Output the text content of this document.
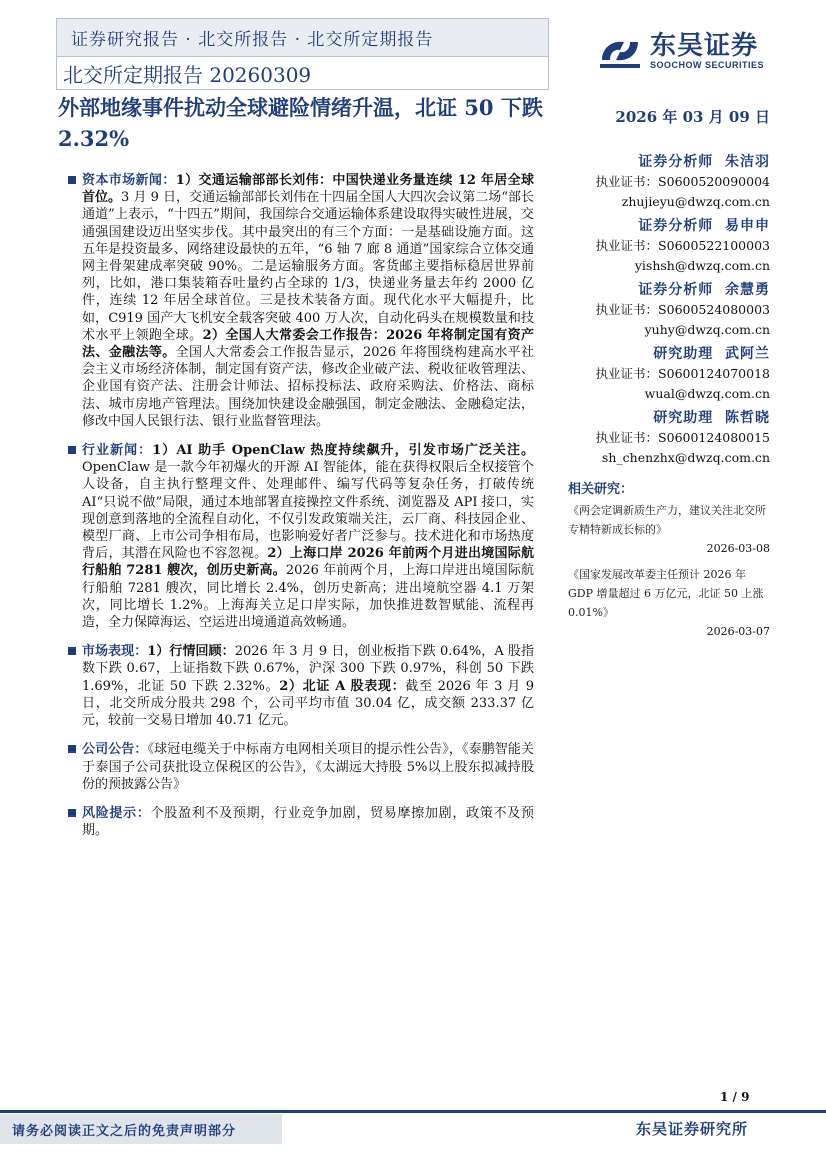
证券研究报告 · 北交所报告 · 北交所定期报告
北交所定期报告 20260309
东吴证券
SOOCHOW SECURITIES
外部地缘事件扰动全球避险情绪升温，北证 50 下跌 2.32%
2026 年 03 月 09 日
资本市场新闻：1）交通运输部部长刘伟：中国快递业务量连续 12 年居全球首位。3 月 9 日，交通运输部部长刘伟在十四届全国人大四次会议第二场“部长通道”上表示，“十四五”期间，我国综合交通运输体系建设取得实破性进展，交通强国建设迈出坚实步伐。其中最突出的有三个方面：一是基础设施方面。这五年是投资最多、网络建设最快的五年，“6 轴 7 廊 8 通道”国家综合立体交通网主骨架建成率突破 90%。二是运输服务方面。客货邮主要指标稳居世界前列，比如，港口集装箱吞吐量约占全球的 1/3，快递业务量去年约 2000 亿件，连续 12 年居全球首位。三是技术装备方面。现代化水平大幅提升，比如，C919 国产大飞机安全载客突破 400 万人次，自动化码头在规模数量和技术水平上领跑全球。2）全国人大常委会工作报告：2026 年将制定国有资产法、金融法等。全国人大常委会工作报告显示，2026 年将围绕构建高水平社会主义市场经济体制，制定国有资产法，修改企业破产法、税收征收管理法、企业国有资产法、注册会计师法、招标投标法、政府采购法、价格法、商标法、城市房地产管理法。围绕加快建设金融强国，制定金融法、金融稳定法，修改中国人民银行法、银行业监督管理法。
行业新闻：1）AI 助手 OpenClaw 热度持续飙升，引发市场广泛关注。OpenClaw 是一款今年初爆火的开源 AI 智能体，能在获得权限后全权接管个人设备，自主执行整理文件、处理邮件、编写代码等复杂任务，打破传统 AI“只说不做”局限，通过本地部署直接操控文件系统、浏览器及 API 接口，实现创意到落地的全流程自动化，不仅引发政策端关注，云厂商、科技园企业、模型厂商、上市公司争相布局，也影响爱好者广泛参与。技术进化和市场热度背后，其潜在风险也不容忽视。2）上海口岸 2026 年前两个月进出境国际航行船舶 7281 艘次，创历史新高。2026 年前两个月，上海口岸进出境国际航行船舶 7281 艘次，同比增长 2.4%，创历史新高；进出境航空器 4.1 万架次，同比增长 1.2%。上海海关立足口岸实际，加快推进数智赋能、流程再造，全力保障海运、空运进出境通道高效畅通。
市场表现：1）行情回顾：2026 年 3 月 9 日，创业板指下跌 0.64%，A 股指数下跌 0.67，上证指数下跌 0.67%，沪深 300 下跌 0.97%，科创 50 下跌 1.69%，北证 50 下跌 2.32%。2）北证 A 股表现：截至 2026 年 3 月 9 日，北交所成分股共 298 个，公司平均市值 30.04 亿，成交额 233.37 亿元，较前一交易日增加 40.71 亿元。
公司公告：《球冠电缆关于中标南方电网相关项目的提示性公告》，《泰鹏智能关于泰国子公司获批设立保税区的公告》，《太湖远大持股 5%以上股东拟减持股份的预披露公告》
风险提示：个股盈利不及预期，行业竞争加剧，贸易摩擦加剧，政策不及预期。
证券分析师 朱洁羽
执业证书：S0600520090004
zhujieyu@dwzq.com.cn
证券分析师 易申申
执业证书：S0600522100003
yishsh@dwzq.com.cn
证券分析师 余慧勇
执业证书：S0600524080003
yuhy@dwzq.com.cn
研究助理 武阿兰
执业证书：S0600124070018
wual@dwzq.com.cn
研究助理 陈哲晓
执业证书：S0600124080015
sh_chenzhx@dwzq.com.cn
相关研究：
《两会定调新质生产力，建议关注北交所专精特新成长标的》
2026-03-08
《国家发展改革委主任预计 2026 年 GDP 增量超过 6 万亿元，北证 50 上涨 0.01%》
2026-03-07
1 / 9
请务必阅读正文之后的免责声明部分	东吴证券研究所
